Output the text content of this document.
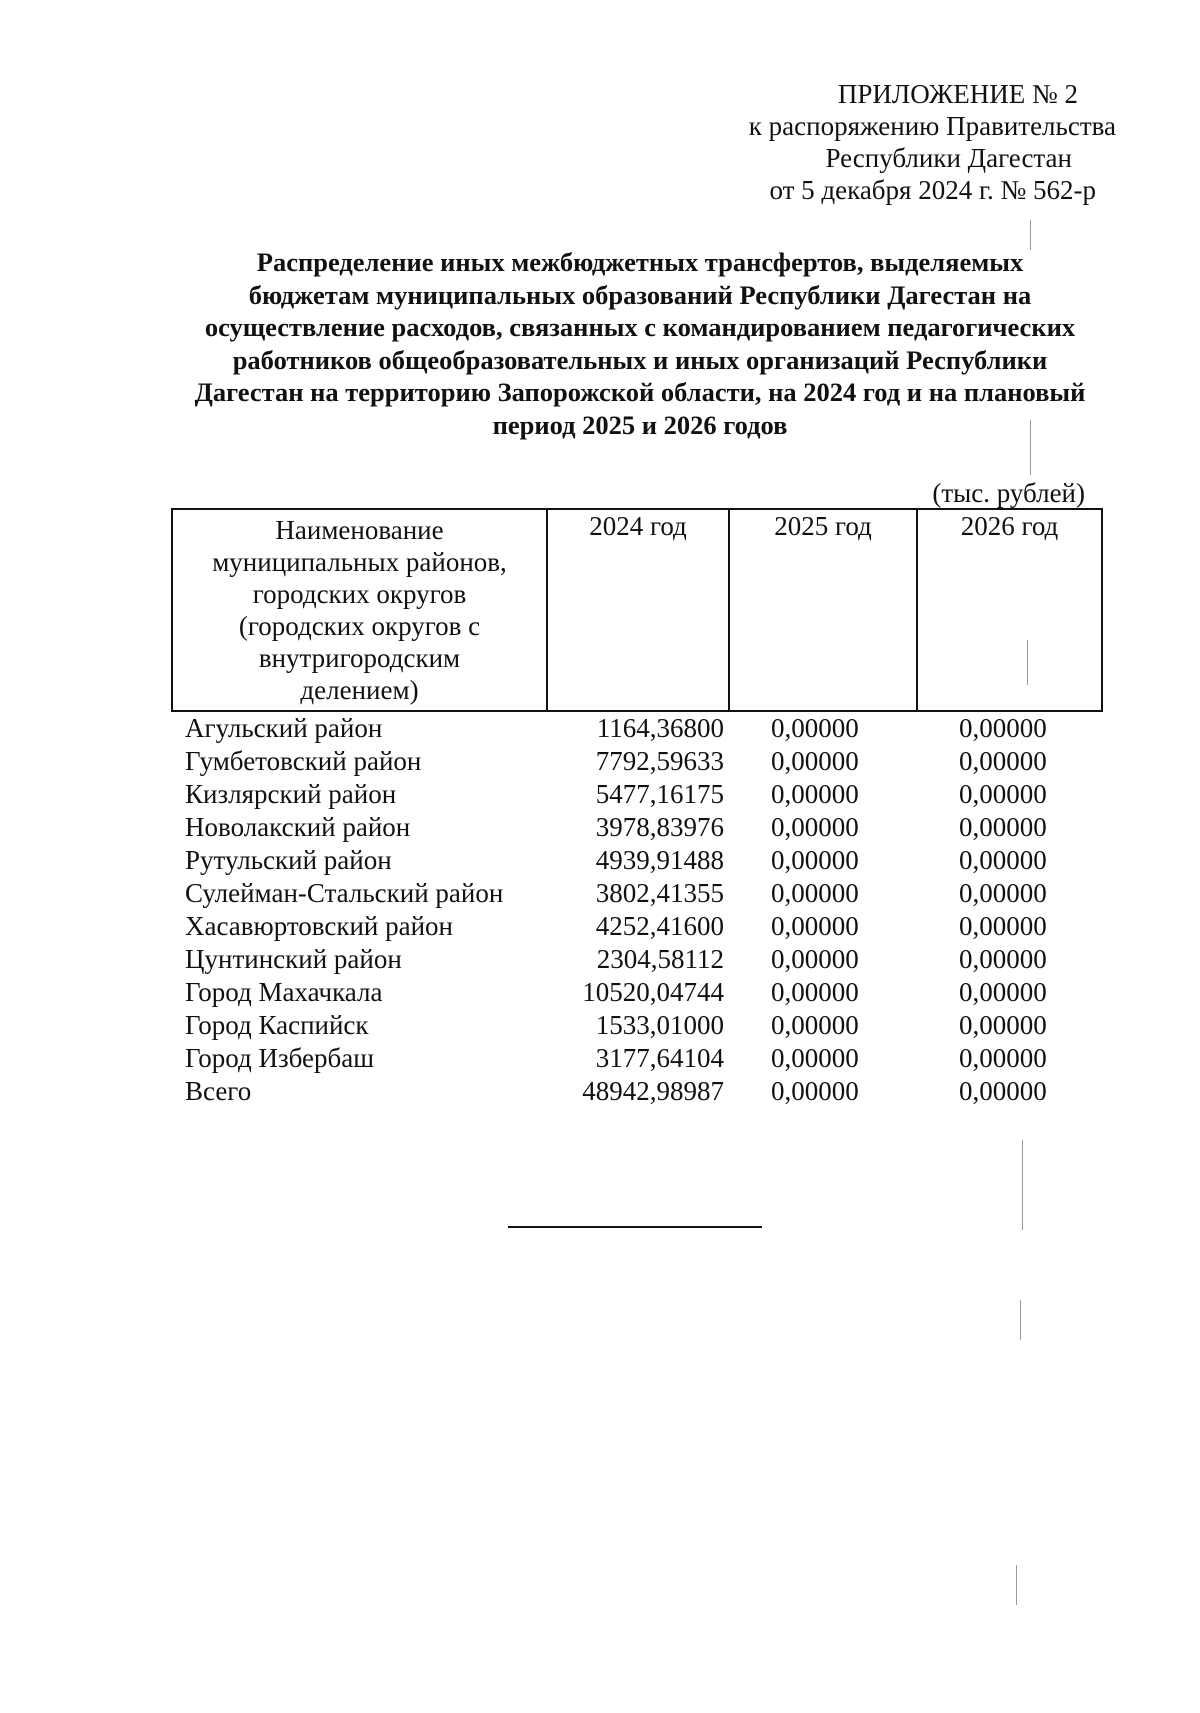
ПРИЛОЖЕНИЕ № 2
к распоряжению Правительства
Республики Дагестан
от 5 декабря 2024 г. № 562-р
Распределение иных межбюджетных трансфертов, выделяемых
бюджетам муниципальных образований Республики Дагестан на
осуществление расходов, связанных с командированием педагогических
работников общеобразовательных и иных организаций Республики
Дагестан на территорию Запорожской области, на 2024 год и на плановый
период 2025 и 2026 годов
(тыс. рублей)
Наименование
муниципальных районов,
городских округов
(городских округов с
внутригородским
делением)
	2024 год	2025 год	2026 год
Агульский район	1164,36800 0,00000	0,00000
Гумбетовский район	7792,59633 0,00000	0,00000
Кизлярский район	5477,16175 0,00000	0,00000
Новолакский район	3978,83976 0,00000	0,00000
Рутульский район	4939,91488 0,00000	0,00000
Сулейман-Стальский район	3802,41355 0,00000	0,00000
Хасавюртовский район	4252,41600 0,00000	0,00000
Цунтинский район	2304,58112 0,00000	0,00000
Город Махачкала	10520,04744 0,00000	0,00000
Город Каспийск	1533,01000 0,00000	0,00000
Город Избербаш	3177,64104 0,00000	0,00000
Всего	48942,98987 0,00000	0,00000
